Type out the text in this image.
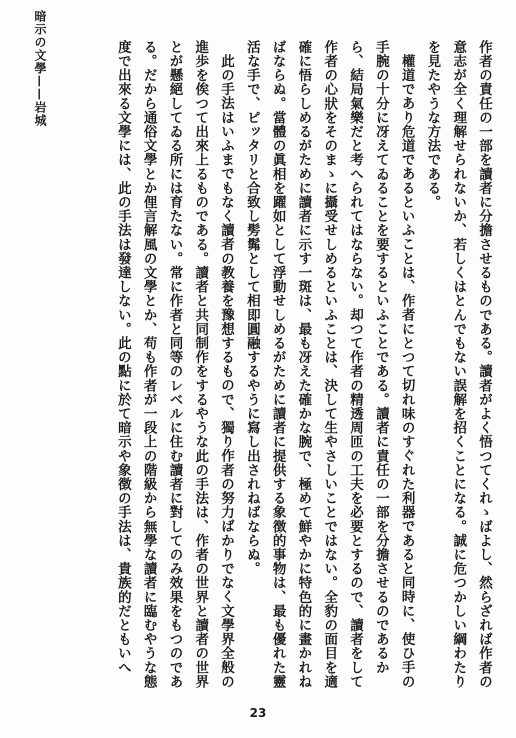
暗示の文學——岩城	作者の責任の一部を讀者に分擔させるものである。讀者がよく悟つてくれゝばよし、然らざれば作者の意志が全く理解せられないか、若しくはとんでもない誤解を招くことになる。誠に危つかしい綱わたりを見たやうな方法である。

權道であり危道であるといふことは、作者にとつて切れ味のすぐれた利器であると同時に、使ひ手の手腕の十分に冴えてゐることを要するといふことである。讀者に責任の一部を分擔させるのであるから、結局氣樂だと考へられてはならない。却つて作者の精透周匝の工夫を必要とするので、讀者をして作者の心狀をそのまゝに攝受せしめるといふことは、決して生やさしいことではない。全豹の面目を適確に悟らしめるがために讀者に示す一斑は、最も冴えた確かな腕で、極めて鮮やかに特色的に畫かれねばならぬ。當體の眞相を躍如として浮動せしめるがために讀者に提供する象徴的事物は、最も優れた靈活な手で、ピッタリと合致し髣髴として相即圓融するやうに寫し出されねばならぬ。

此の手法はいふまでもなく讀者の教養を豫想するもので、獨り作者の努力ばかりでなく文學界全般の進歩を俟つて出來上るものである。讀者と共同制作をするやうな此の手法は、作者の世界と讀者の世界とが懸絕してゐる所には育たない。常に作者と同等のレベルに住む讀者に對してのみ效果をもつのである。だから通俗文學とか俚言解風の文學とか、苟も作者が一段上の階級から無學な讀者に臨むやうな態度で出來る文學には、此の手法は發達しない。此の點に於て暗示や象徴の手法は、貴族的だともいへ

23
